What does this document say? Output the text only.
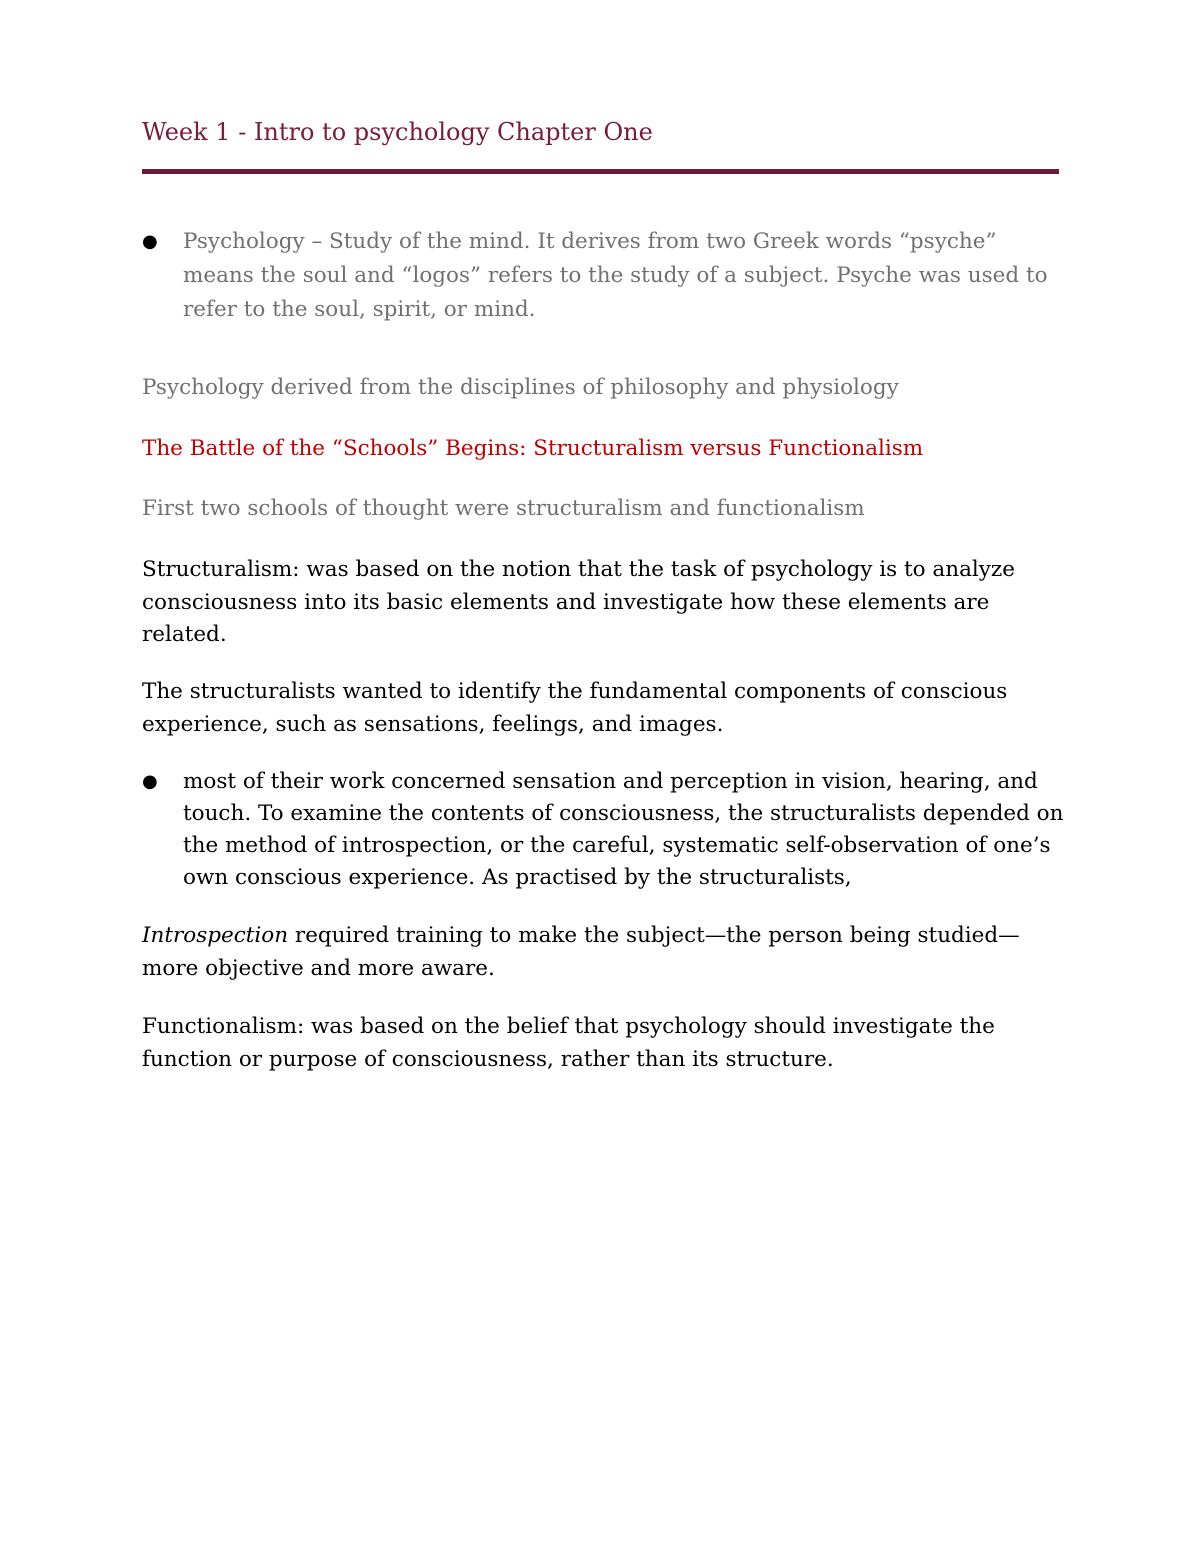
Week 1 - Intro to psychology Chapter One
● Psychology – Study of the mind. It derives from two Greek words “psyche” means the soul and “logos” refers to the study of a subject. Psyche was used to refer to the soul, spirit, or mind.

Psychology derived from the disciplines of philosophy and physiology

The Battle of the “Schools” Begins: Structuralism versus Functionalism

First two schools of thought were structuralism and functionalism

Structuralism: was based on the notion that the task of psychology is to analyze consciousness into its basic elements and investigate how these elements are related.

The structuralists wanted to identify the fundamental components of conscious experience, such as sensations, feelings, and images.

● most of their work concerned sensation and perception in vision, hearing, and touch. To examine the contents of consciousness, the structuralists depended on the method of introspection, or the careful, systematic self-observation of one’s own conscious experience. As practised by the structuralists,

Introspection required training to make the subject—the person being studied—more objective and more aware.

Functionalism: was based on the belief that psychology should investigate the function or purpose of consciousness, rather than its structure.
